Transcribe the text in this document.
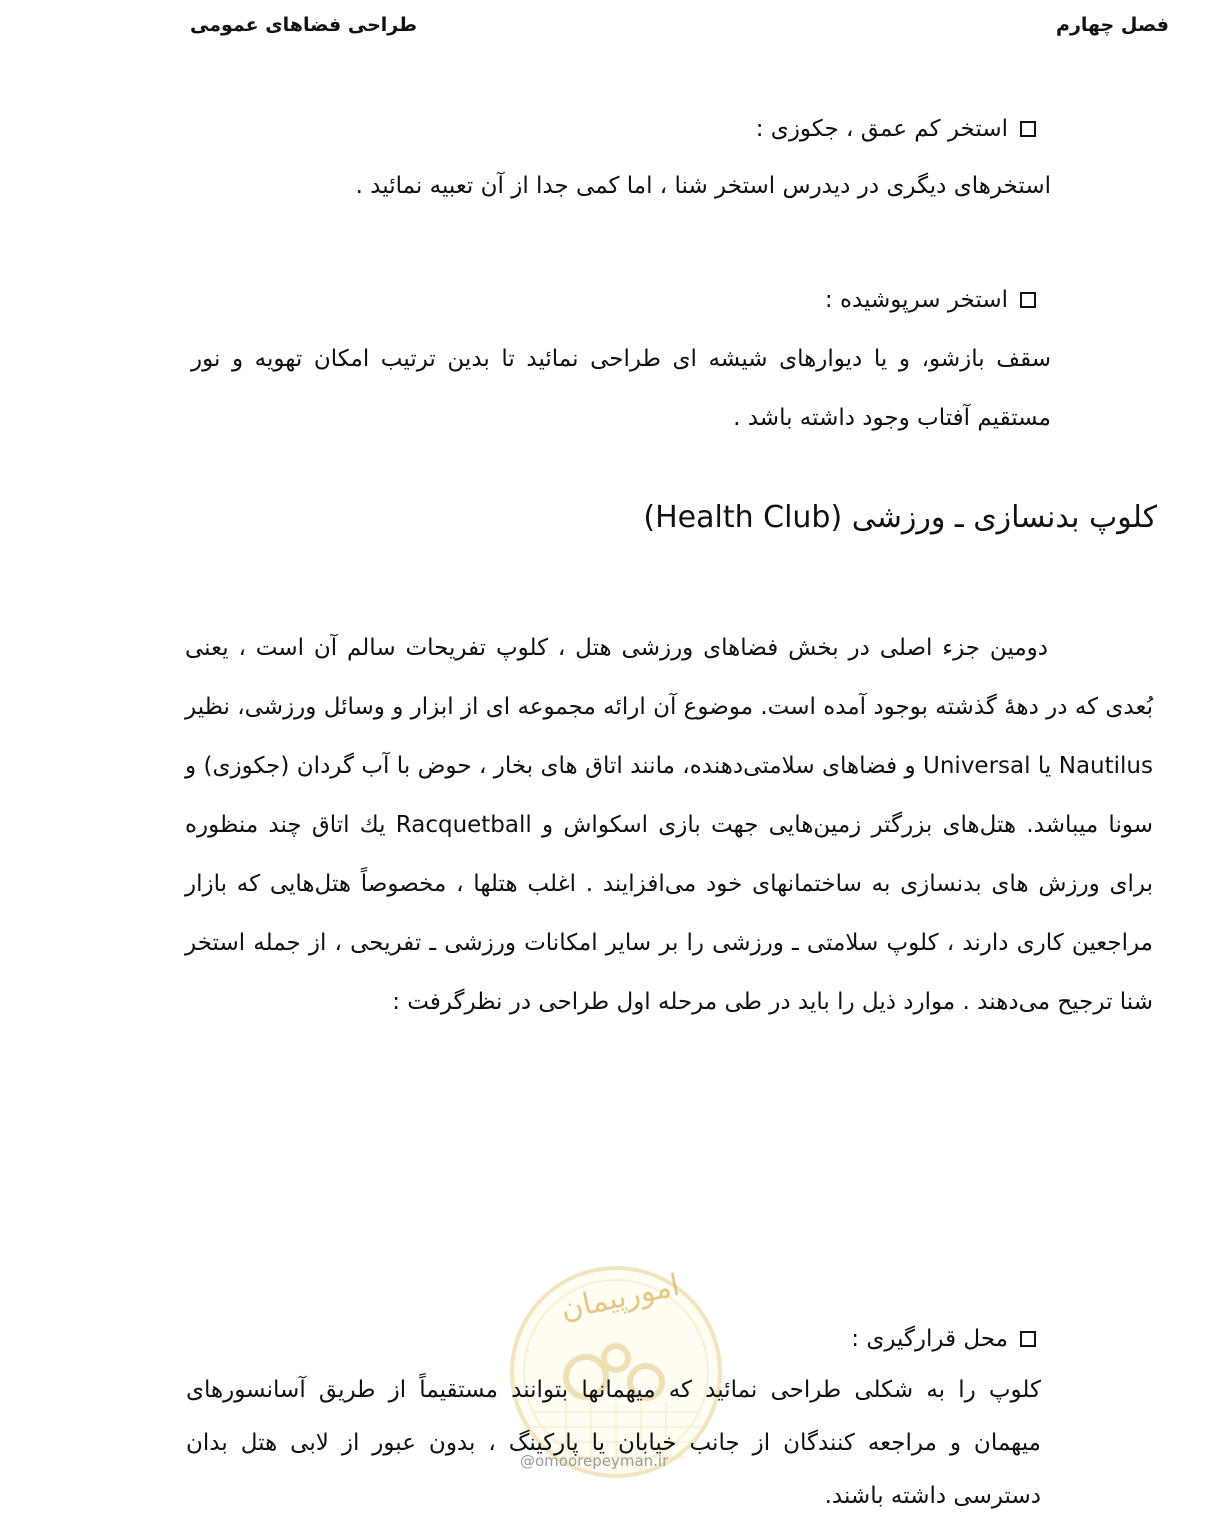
فصل چهارم
طراحی فضاهای عمومی
استخر کم عمق ، جکوزی :

استخرهای دیگری در دیدرس استخر شنا ، اما کمی جدا از آن تعبیه نمائید .

استخر سرپوشیده :

سقف بازشو، و یا دیوارهای شیشه ای طراحی نمائید تا بدین ترتیب امکان تهویه و نور مستقیم آفتاب وجود داشته باشد .

کلوپ بدنسازی ـ ورزشی (Health Club)

دومین جزء اصلی در بخش فضاهای ورزشی هتل ، کلوپ تفریحات سالم آن است ، یعنی بُعدی که در دههٔ گذشته بوجود آمده است. موضوع آن ارائه مجموعه ای از ابزار و وسائل ورزشی، نظیر Nautilus یا Universal و فضاهای سلامتی‌دهنده، مانند اتاق های بخار ، حوض با آب گردان (جکوزی) و سونا میباشد. هتل‌های بزرگتر زمین‌هایی جهت بازی اسکواش و Racquetball یك اتاق چند منظوره برای ورزش های بدنسازی به ساختمانهای خود می‌افزایند . اغلب هتلها ، مخصوصاً هتل‌هایی که بازار مراجعین کاری دارند ، کلوپ سلامتی ـ ورزشی را بر سایر امکانات ورزشی ـ تفریحی ، از جمله استخر شنا ترجیح می‌دهند . موارد ذیل را باید در طی مرحله اول طراحی در نظرگرفت :

امورپیمان
@omoorepeyman.ir
محل قرارگیری :

کلوپ را به شکلی طراحی نمائید که میهمانها بتوانند مستقیماً از طریق آسانسورهای میهمان و مراجعه کنندگان از جانب خیابان یا پارکینگ ، بدون عبور از لابی هتل بدان دسترسی داشته باشند.
